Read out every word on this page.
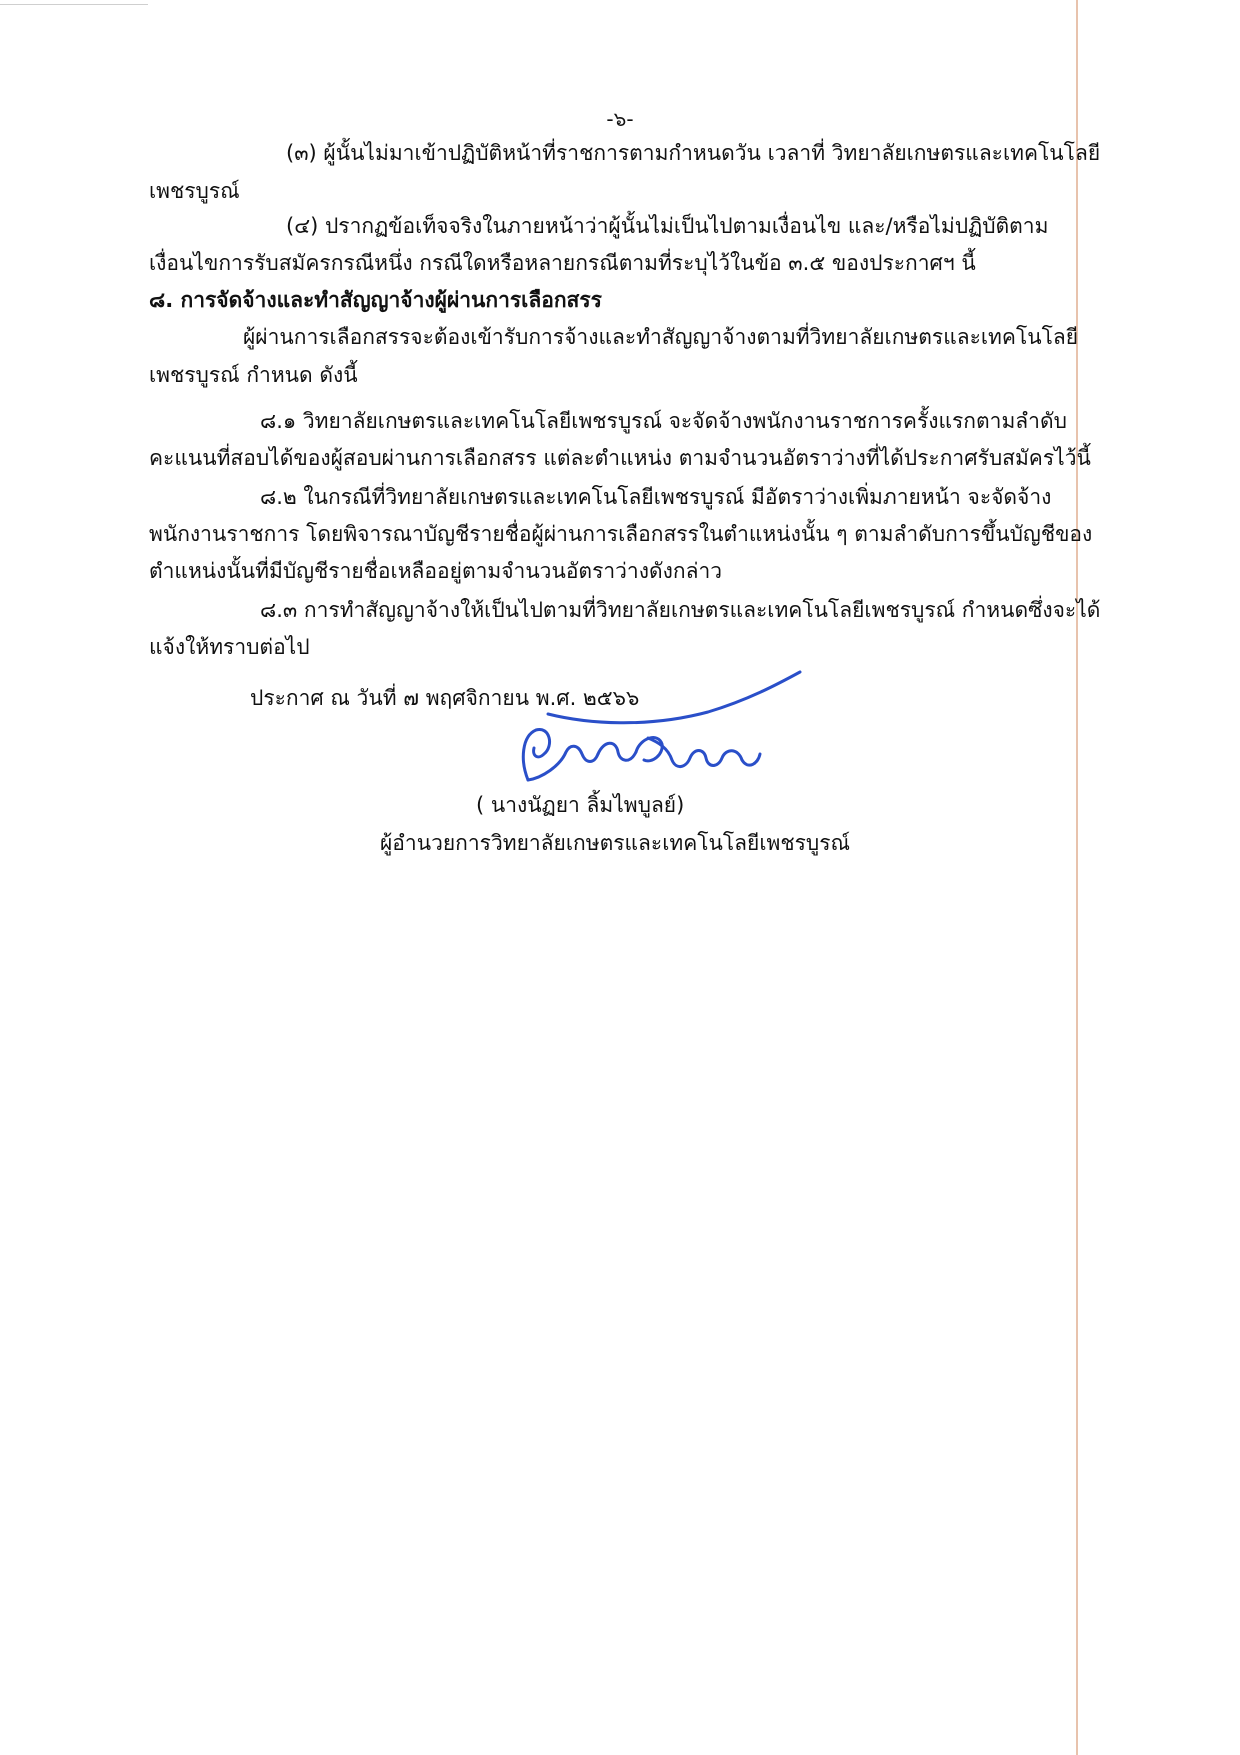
-๖-
(๓) ผู้นั้นไม่มาเข้าปฏิบัติหน้าที่ราชการตามกำหนดวัน เวลาที่ วิทยาลัยเกษตรและเทคโนโลยี
เพชรบูรณ์
(๔) ปรากฏข้อเท็จจริงในภายหน้าว่าผู้นั้นไม่เป็นไปตามเงื่อนไข และ/หรือไม่ปฏิบัติตาม
เงื่อนไขการรับสมัครกรณีหนึ่ง กรณีใดหรือหลายกรณีตามที่ระบุไว้ในข้อ ๓.๕ ของประกาศฯ นี้
๘. การจัดจ้างและทำสัญญาจ้างผู้ผ่านการเลือกสรร
ผู้ผ่านการเลือกสรรจะต้องเข้ารับการจ้างและทำสัญญาจ้างตามที่วิทยาลัยเกษตรและเทคโนโลยี
เพชรบูรณ์ กำหนด ดังนี้
๘.๑ วิทยาลัยเกษตรและเทคโนโลยีเพชรบูรณ์ จะจัดจ้างพนักงานราชการครั้งแรกตามลำดับ
คะแนนที่สอบได้ของผู้สอบผ่านการเลือกสรร แต่ละตำแหน่ง ตามจำนวนอัตราว่างที่ได้ประกาศรับสมัครไว้นี้
๘.๒ ในกรณีที่วิทยาลัยเกษตรและเทคโนโลยีเพชรบูรณ์ มีอัตราว่างเพิ่มภายหน้า จะจัดจ้าง
พนักงานราชการ โดยพิจารณาบัญชีรายชื่อผู้ผ่านการเลือกสรรในตำแหน่งนั้น ๆ ตามลำดับการขึ้นบัญชีของ
ตำแหน่งนั้นที่มีบัญชีรายชื่อเหลืออยู่ตามจำนวนอัตราว่างดังกล่าว
๘.๓ การทำสัญญาจ้างให้เป็นไปตามที่วิทยาลัยเกษตรและเทคโนโลยีเพชรบูรณ์ กำหนดซึ่งจะได้
แจ้งให้ทราบต่อไป
ประกาศ ณ วันที่ ๗ พฤศจิกายน พ.ศ. ๒๕๖๖
( นางนัฏยา ลิ้มไพบูลย์)
ผู้อำนวยการวิทยาลัยเกษตรและเทคโนโลยีเพชรบูรณ์
